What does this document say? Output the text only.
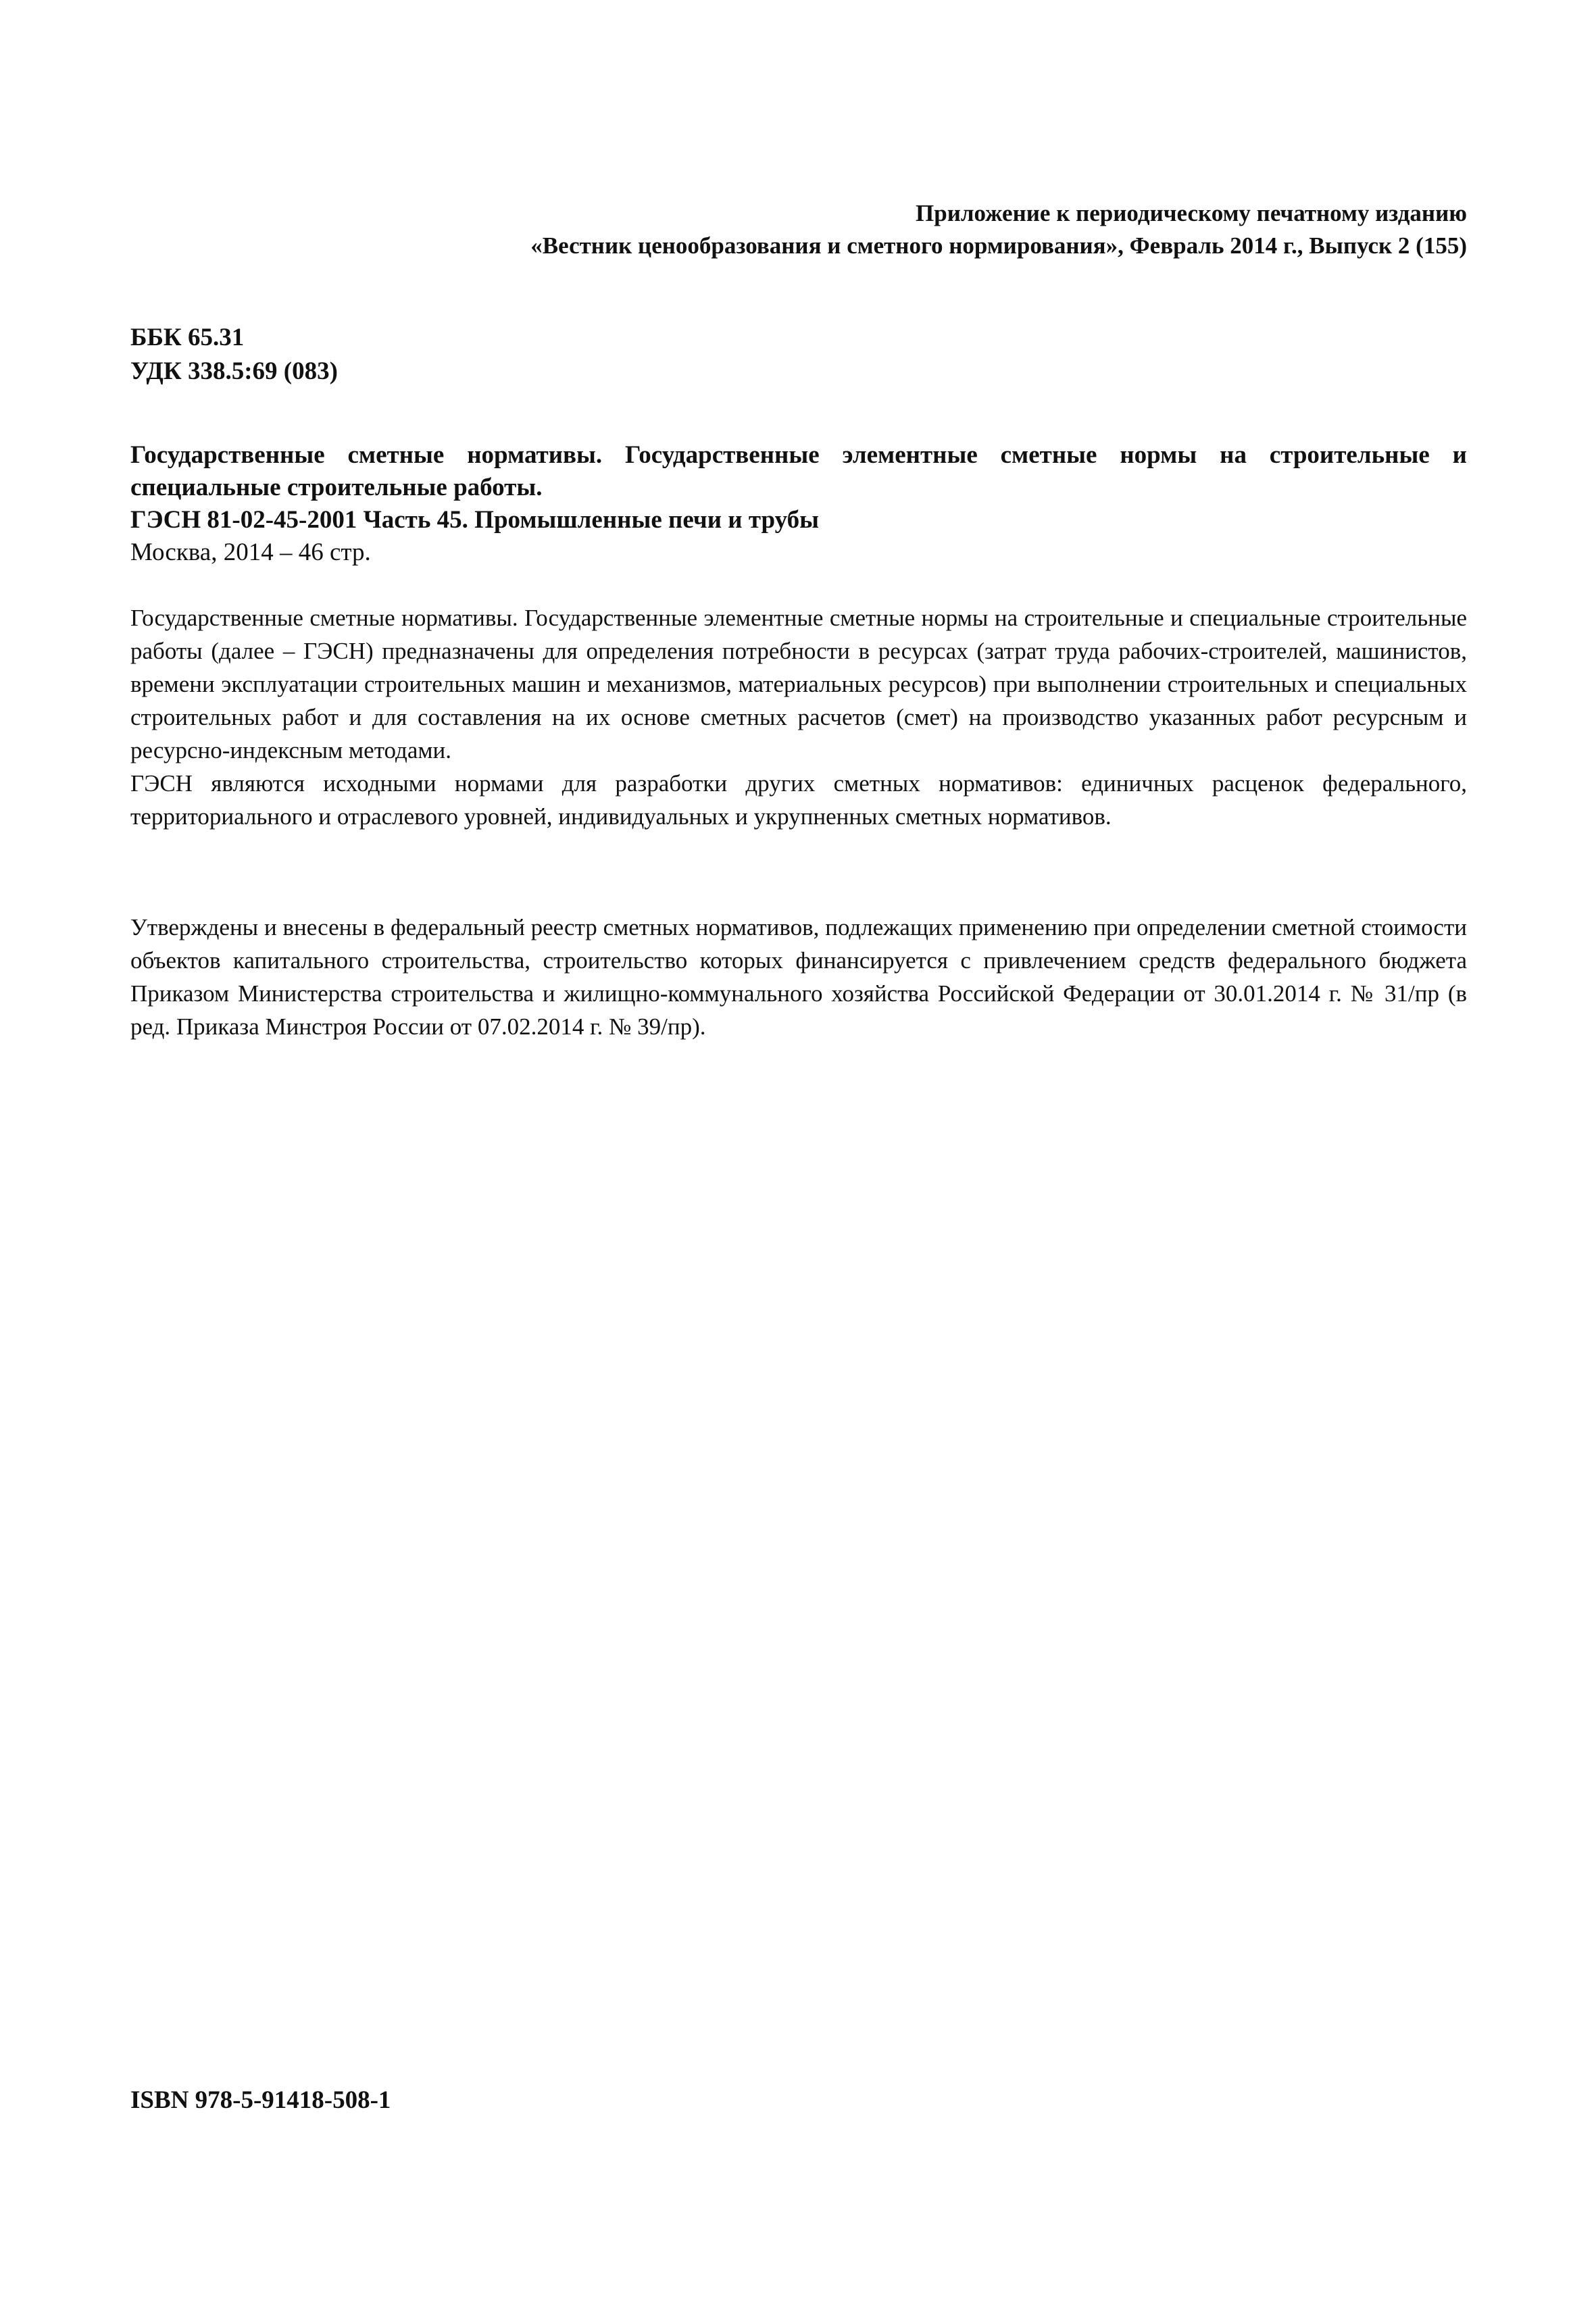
Приложение к периодическому печатному изданию
«Вестник ценообразования и сметного нормирования», Февраль 2014 г., Выпуск 2 (155)
ББК 65.31
УДК 338.5:69 (083)
Государственные сметные нормативы. Государственные элементные сметные нормы на строительные и специальные строительные работы.
ГЭСН 81-02-45-2001 Часть 45. Промышленные печи и трубы
Москва, 2014 – 46 стр.

Государственные сметные нормативы. Государственные элементные сметные нормы на строительные и специальные строительные работы (далее – ГЭСН) предназначены для определения потребности в ресурсах (затрат труда рабочих-строителей, машинистов, времени эксплуатации строительных машин и механизмов, материальных ресурсов) при выполнении строительных и специальных строительных работ и для составления на их основе сметных расчетов (смет) на производство указанных работ ресурсным и ресурсно-индексным методами.

ГЭСН являются исходными нормами для разработки других сметных нормативов: единичных расценок федерального, территориального и отраслевого уровней, индивидуальных и укрупненных сметных нормативов.

Утверждены и внесены в федеральный реестр сметных нормативов, подлежащих применению при определении сметной стоимости объектов капитального строительства, строительство которых финансируется с привлечением средств федерального бюджета Приказом Министерства строительства и жилищно-коммунального хозяйства Российской Федерации от 30.01.2014 г. № 31/пр (в ред. Приказа Минстроя России от 07.02.2014 г. № 39/пр).

ISBN 978-5-91418-508-1
